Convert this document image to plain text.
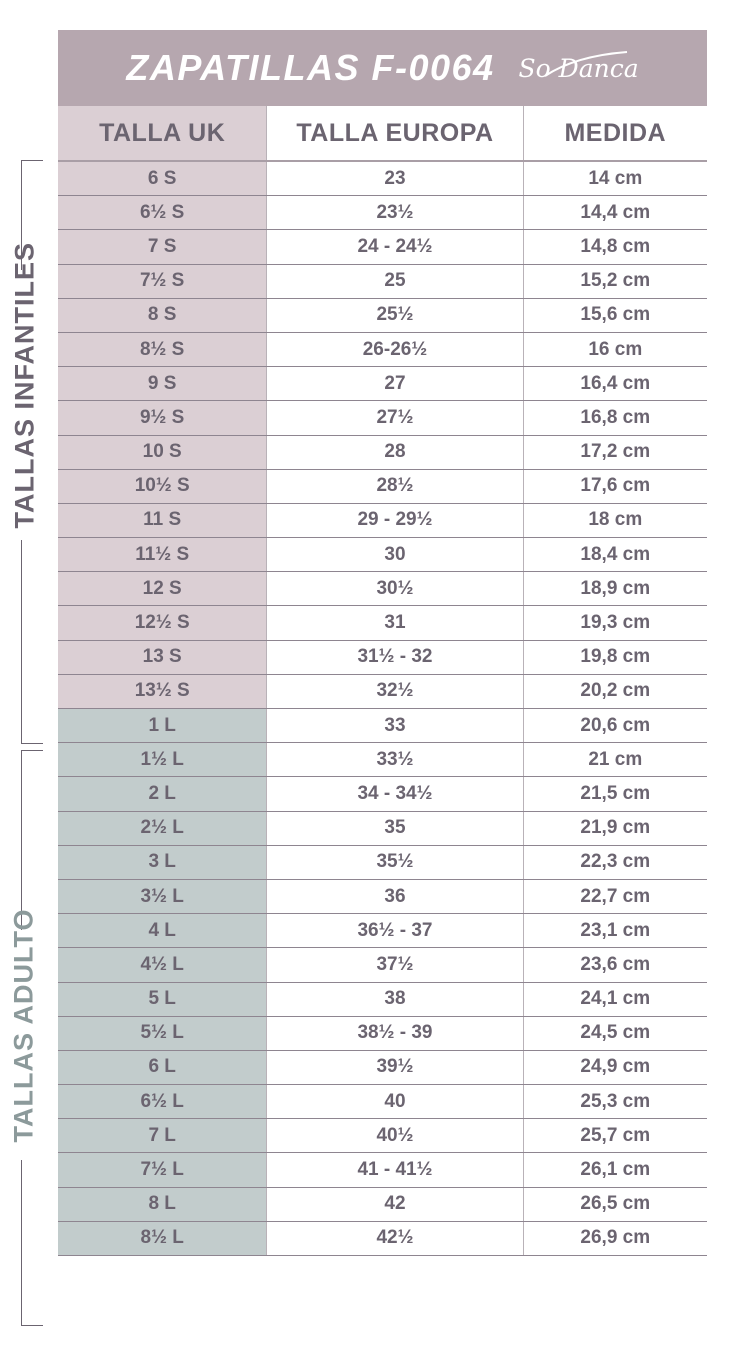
TALLAS INFANTILES
TALLAS ADULTO
ZAPATILLAS F-0064 So Danca
TALLA UK	TALLA EUROPA	MEDIDA
6 S	23	14 cm
6½ S	23½	14,4 cm
7 S	24 - 24½	14,8 cm
7½ S	25	15,2 cm
8 S	25½	15,6 cm
8½ S	26-26½	16 cm
9 S	27	16,4 cm
9½ S	27½	16,8 cm
10 S	28	17,2 cm
10½ S	28½	17,6 cm
11 S	29 - 29½	18 cm
11½ S	30	18,4 cm
12 S	30½	18,9 cm
12½ S	31	19,3 cm
13 S	31½ - 32	19,8 cm
13½ S	32½	20,2 cm
1 L	33	20,6 cm
1½ L	33½	21 cm
2 L	34 - 34½	21,5 cm
2½ L	35	21,9 cm
3 L	35½	22,3 cm
3½ L	36	22,7 cm
4 L	36½ - 37	23,1 cm
4½ L	37½	23,6 cm
5 L	38	24,1 cm
5½ L	38½ - 39	24,5 cm
6 L	39½	24,9 cm
6½ L	40	25,3 cm
7 L	40½	25,7 cm
7½ L	41 - 41½	26,1 cm
8 L	42	26,5 cm
8½ L	42½	26,9 cm
